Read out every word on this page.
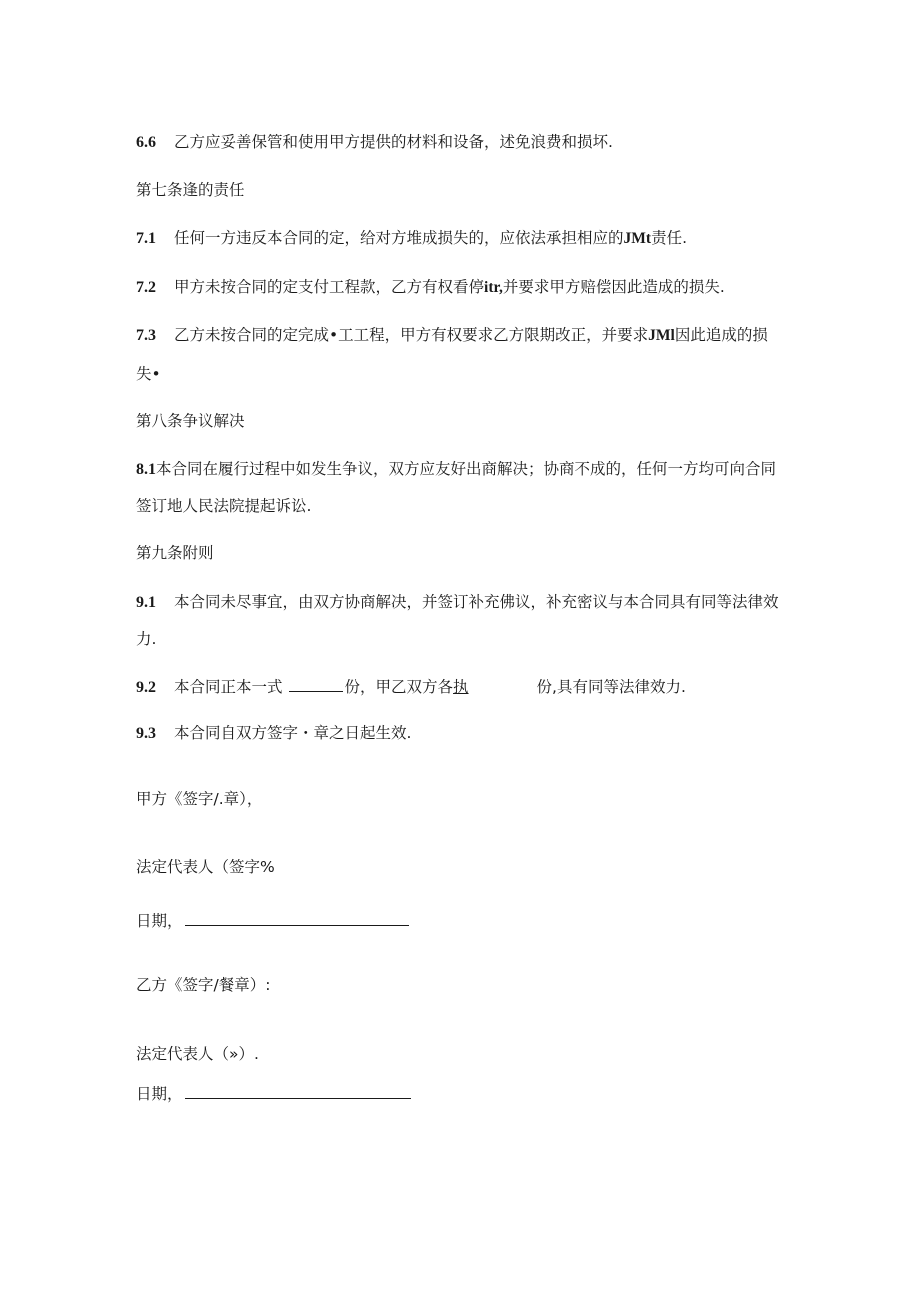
6.6 乙方应妥善保管和使用甲方提供的材料和设备，述免浪费和损坏.
第七条逢的责任
7.1 任何一方违反本合同的定，给对方堆成损失的，应依法承担相应的JMt责任.
7.2 甲方未按合同的定支付工程款，乙方有权看停itr,并要求甲方赔偿因此造成的损失.
7.3 乙方未按合同的定完成•工工程，甲方有权要求乙方限期改正，并要求JMl因此追成的损
失•
第八条争议解决
8.1本合同在履行过程中如发生争议，双方应友好出商解决；协商不成的，任何一方均可向合同
签订地人民法院提起诉讼.
第九条附则
9.1 本合同未尽事宜，由双方协商解决，并签订补充佛议，补充密议与本合同具有同等法律效
力.
9.2 本合同正本一式	份，甲乙双方各执	份,具有同等法律效力.
9.3 本合同自双方签字・章之日起生效.
甲方《签字/.章），
法定代表人（签字%
日期，
乙方《签字/餐章）:
法定代表人（»）.
日期，
